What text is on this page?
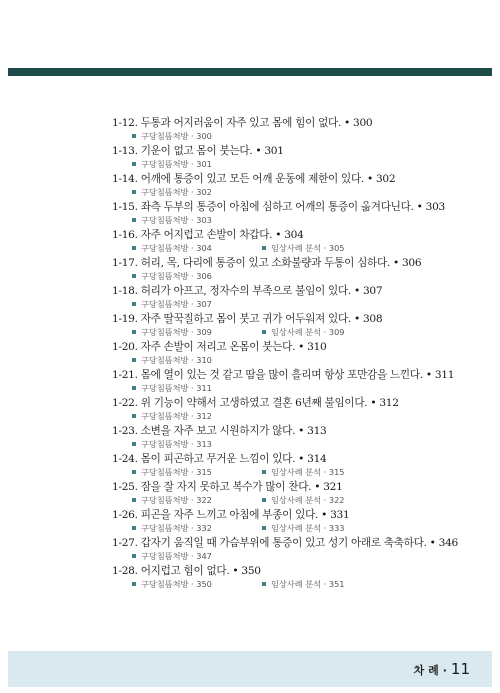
1-12. 두통과 어지러움이 자주 있고 몸에 힘이 없다. • 300
구당침뜸처방 · 300
1-13. 기운이 없고 몸이 붓는다. • 301
구당침뜸처방 · 301
1-14. 어깨에 통증이 있고 모든 어깨 운동에 제한이 있다. • 302
구당침뜸처방 · 302
1-15. 좌측 두부의 통증이 아침에 심하고 어깨의 통증이 옮겨다닌다. • 303
구당침뜸처방 · 303
1-16. 자주 어지럽고 손발이 차갑다. • 304
구당침뜸처방 · 304	임상사례 분석 · 305
1-17. 허리, 목, 다리에 통증이 있고 소화불량과 두통이 심하다. • 306
구당침뜸처방 · 306
1-18. 허리가 아프고, 정자수의 부족으로 불임이 있다. • 307
구당침뜸처방 · 307
1-19. 자주 딸꾹질하고 몸이 붓고 귀가 어두워져 있다. • 308
구당침뜸처방 · 309	임상사례 분석 · 309
1-20. 자주 손발이 저리고 온몸이 붓는다. • 310
구당침뜸처방 · 310
1-21. 몸에 열이 있는 것 같고 땀을 많이 흘리며 항상 포만감을 느낀다. • 311
구당침뜸처방 · 311
1-22. 위 기능이 약해서 고생하였고 결혼 6년째 불임이다. • 312
구당침뜸처방 · 312
1-23. 소변을 자주 보고 시원하지가 않다. • 313
구당침뜸처방 · 313
1-24. 몸이 피곤하고 무거운 느낌이 있다. • 314
구당침뜸처방 · 315	임상사례 분석 · 315
1-25. 잠을 잘 자지 못하고 복수가 많이 찬다. • 321
구당침뜸처방 · 322	임상사례 분석 · 322
1-26. 피곤을 자주 느끼고 아침에 부종이 있다. • 331
구당침뜸처방 · 332	임상사례 분석 · 333
1-27. 갑자기 움직일 때 가슴부위에 통증이 있고 성기 아래로 축축하다. • 346
구당침뜸처방 · 347
1-28. 어지럽고 힘이 없다. • 350
구당침뜸처방 · 350	임상사례 분석 · 351
차 례 · 11
